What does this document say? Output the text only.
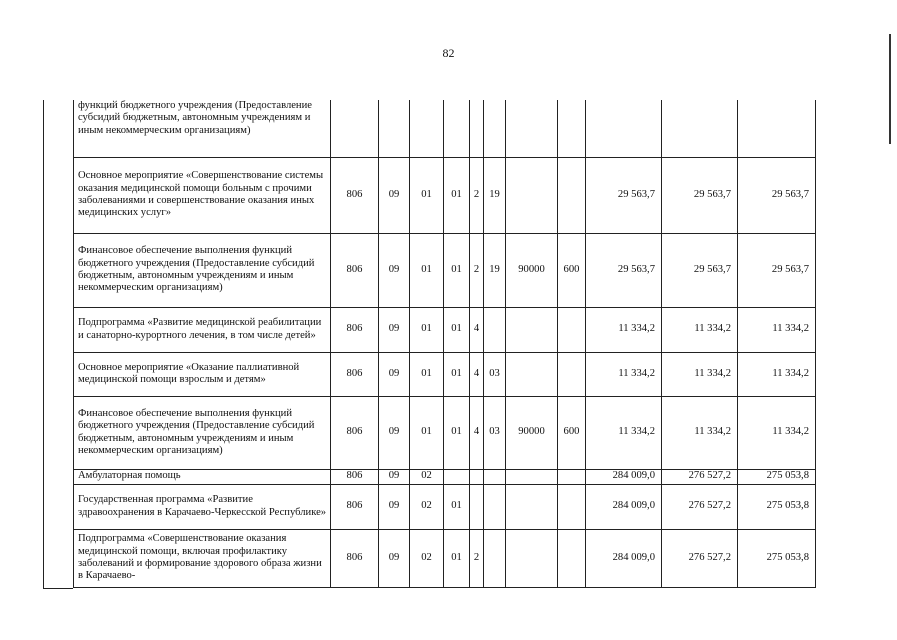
82
функций бюджетного учреждения (Предоставление субсидий бюджетным, автономным учреждениям и иным некоммерческим организациям)											

Основное мероприятие «Совершенствование системы оказания медицинской помощи больным с прочими заболеваниями и совершенствование оказания иных медицинских услуг»	806	09	01	01	2	19			29 563,7	29 563,7	29 563,7
Финансовое обеспечение выполнения функций бюджетного учреждения (Предоставление субсидий бюджетным, автономным учреждениям и иным некоммерческим организациям)	806	09	01	01	2	19	90000	600	29 563,7	29 563,7	29 563,7
Подпрограмма «Развитие медицинской реабилитации и санаторно-курортного лечения, в том числе детей»	806	09	01	01	4				11 334,2	11 334,2	11 334,2
Основное мероприятие «Оказание паллиативной медицинской помощи взрослым и детям»	806	09	01	01	4	03			11 334,2	11 334,2	11 334,2
Финансовое обеспечение выполнения функций бюджетного учреждения (Предоставление субсидий бюджетным, автономным учреждениям и иным некоммерческим организациям)	806	09	01	01	4	03	90000	600	11 334,2	11 334,2	11 334,2
Амбулаторная помощь	806	09	02						284 009,0	276 527,2	275 053,8
Государственная программа «Развитие здравоохранения в Карачаево-Черкесской Республике»	806	09	02	01					284 009,0	276 527,2	275 053,8
Подпрограмма «Совершенствование оказания медицинской помощи, включая профилактику заболеваний и формирование здорового образа жизни в Карачаево-	806	09	02	01	2				284 009,0	276 527,2	275 053,8
